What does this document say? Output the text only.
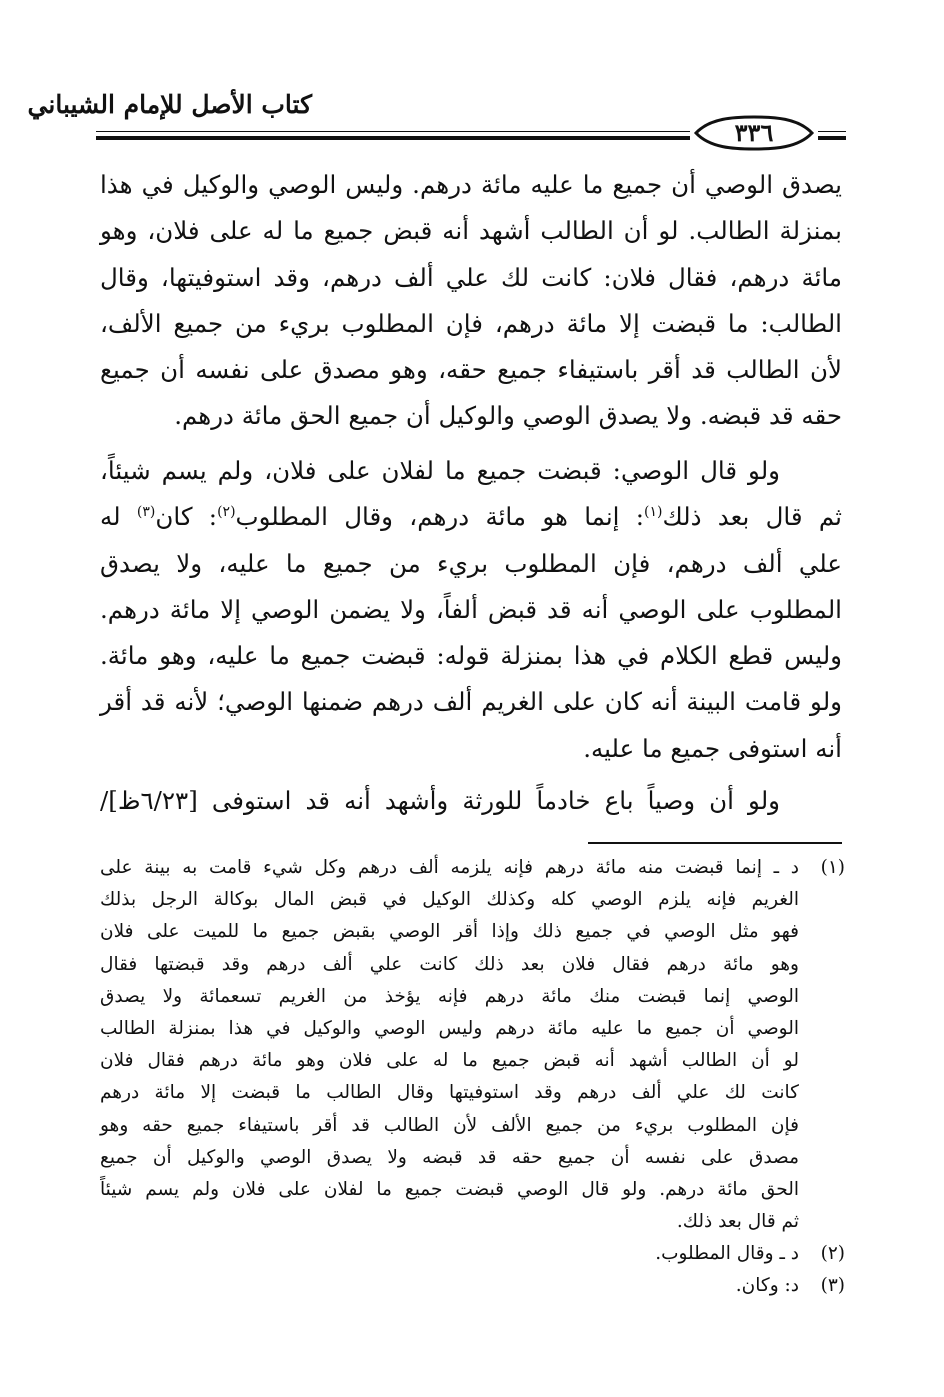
كتاب الأصل للإمام الشيباني
٣٣٦
يصدق الوصي أن جميع ما عليه مائة درهم. وليس الوصي والوكيل في هذا
بمنزلة الطالب. لو أن الطالب أشهد أنه قبض جميع ما له على فلان، وهو
مائة درهم، فقال فلان: كانت لك علي ألف درهم، وقد استوفيتها، وقال
الطالب: ما قبضت إلا مائة درهم، فإن المطلوب بريء من جميع الألف،
لأن الطالب قد أقر باستيفاء جميع حقه، وهو مصدق على نفسه أن جميع
حقه قد قبضه. ولا يصدق الوصي والوكيل أن جميع الحق مائة درهم.
ولو قال الوصي: قبضت جميع ما لفلان على فلان، ولم يسم شيئاً،
ثم قال بعد ذلك$^{(١)}$: إنما هو مائة درهم، وقال المطلوب$^{(٢)}$: كان$^{(٣)}$ له
علي ألف درهم، فإن المطلوب بريء من جميع ما عليه، ولا يصدق
المطلوب على الوصي أنه قد قبض ألفاً، ولا يضمن الوصي إلا مائة درهم.
وليس قطع الكلام في هذا بمنزلة قوله: قبضت جميع ما عليه، وهو مائة.
ولو قامت البينة أنه كان على الغريم ألف درهم ضمنها الوصي؛ لأنه قد أقر
أنه استوفى جميع ما عليه.
ولو أن وصياً باع خادماً للورثة وأشهد أنه قد استوفى [٦/٢٣ظ]/
(١)
د ـ إنما قبضت منه مائة درهم فإنه يلزمه ألف درهم وكل شيء قامت به بينة على
الغريم فإنه يلزم الوصي كله وكذلك الوكيل في قبض المال بوكالة الرجل بذلك
فهو مثل الوصي في جميع ذلك وإذا أقر الوصي بقبض جميع ما للميت على فلان
وهو مائة درهم فقال فلان بعد ذلك كانت علي ألف درهم وقد قبضتها فقال
الوصي إنما قبضت منك مائة درهم فإنه يؤخذ من الغريم تسعمائة ولا يصدق
الوصي أن جميع ما عليه مائة درهم وليس الوصي والوكيل في هذا بمنزلة الطالب
لو أن الطالب أشهد أنه قبض جميع ما له على فلان وهو مائة درهم فقال فلان
كانت لك علي ألف درهم وقد استوفيتها وقال الطالب ما قبضت إلا مائة درهم
فإن المطلوب بريء من جميع الألف لأن الطالب قد أقر باستيفاء جميع حقه وهو
مصدق على نفسه أن جميع حقه قد قبضه ولا يصدق الوصي والوكيل أن جميع
الحق مائة درهم. ولو قال الوصي قبضت جميع ما لفلان على فلان ولم يسم شيئاً
ثم قال بعد ذلك.
(٢)
د ـ وقال المطلوب.
(٣)
د: وكان.
